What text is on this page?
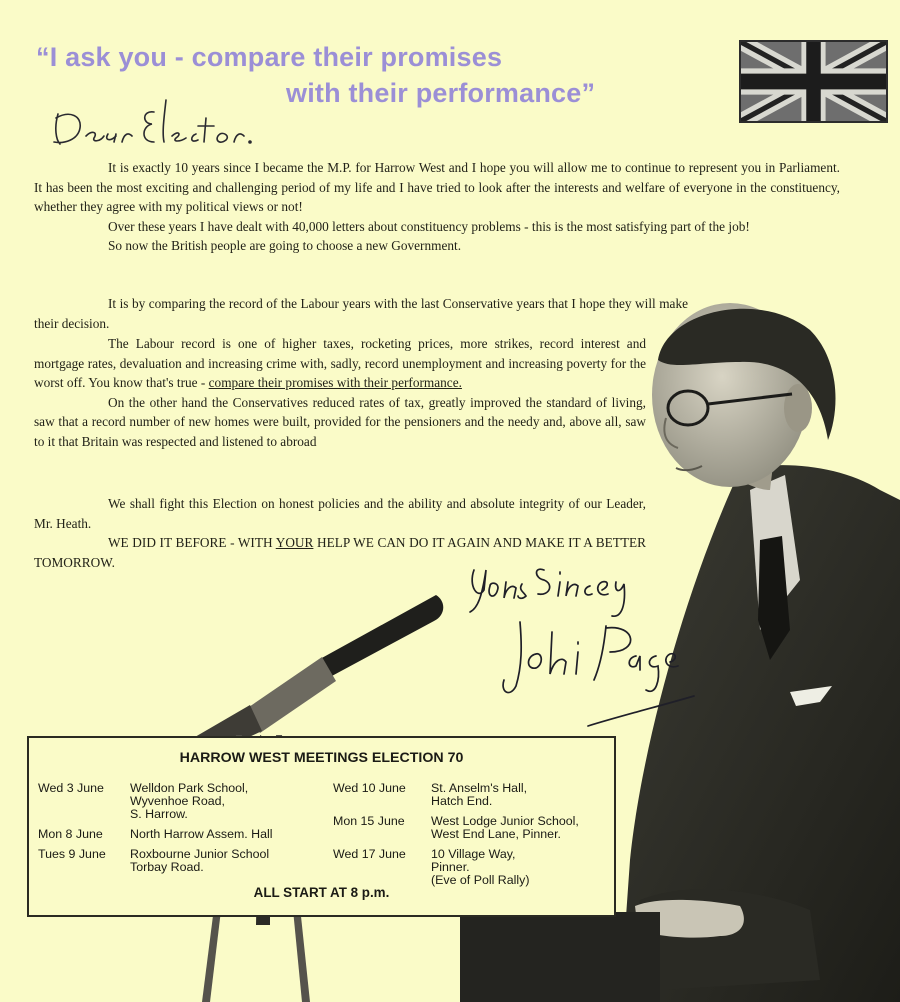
“I ask you - compare their promises
with their performance”

It is exactly 10 years since I became the M.P. for Harrow West and I hope you will allow me to continue to represent you in Parliament. It has been the most exciting and challenging period of my life and I have tried to look after the interests and welfare of everyone in the constituency, whether they agree with my political views or not!

Over these years I have dealt with 40,000 letters about constituency problems - this is the most satisfying part of the job!

So now the British people are going to choose a new Government.

It is by comparing the record of the Labour years with the last Conservative years that I hope they will make their decision.

The Labour record is one of higher taxes, rocketing prices, more strikes, record interest and mortgage rates, devaluation and increasing crime with, sadly, record unemployment and increasing poverty for the worst off. You know that's true - compare their promises with their performance.

On the other hand the Conservatives reduced rates of tax, greatly improved the standard of living, saw that a record number of new homes were built, provided for the pensioners and the needy and, above all, saw to it that Britain was respected and listened to abroad

We shall fight this Election on honest policies and the ability and absolute integrity of our Leader, Mr. Heath.

WE DID IT BEFORE - WITH YOUR HELP WE CAN DO IT AGAIN AND MAKE IT A BETTER TOMORROW.

HARROW WEST MEETINGS ELECTION 70
Wed 3 June	Welldon Park School,
Wyvenhoe Road,
S. Harrow.
Mon 8 June	North Harrow Assem. Hall
Tues 9 June	Roxbourne Junior School
Torbay Road.
Wed 10 June	St. Anselm's Hall,
Hatch End.
Mon 15 June	West Lodge Junior School,
West End Lane, Pinner.
Wed 17 June	10 Village Way,
Pinner.
(Eve of Poll Rally)
ALL START AT 8 p.m.
